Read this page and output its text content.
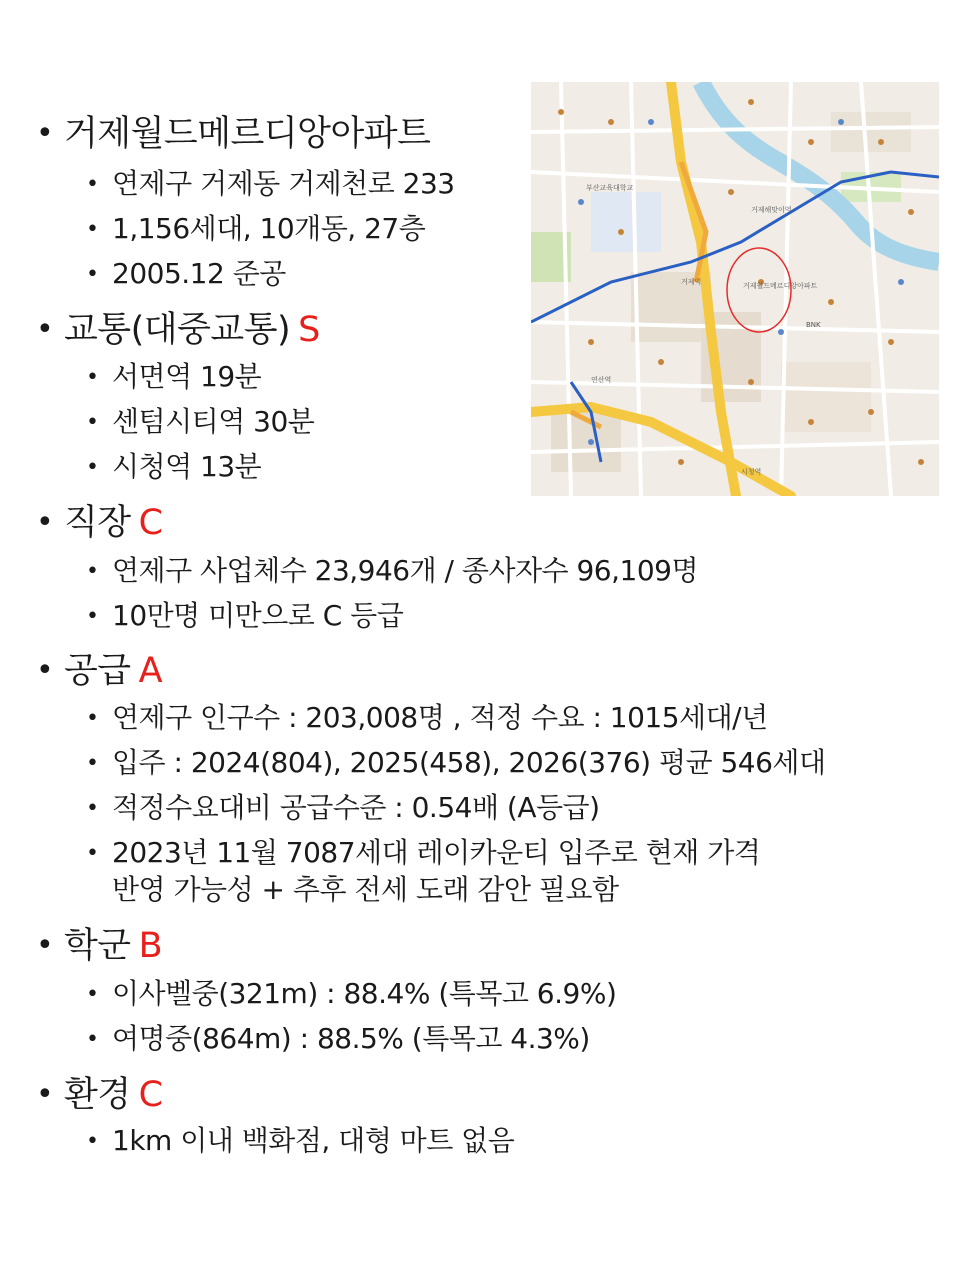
• 거제월드메르디앙아파트
• 연제구 거제동 거제천로 233
• 1,156세대, 10개동, 27층
• 2005.12 준공
• 교통(대중교통) S
• 서면역 19분
• 센텀시티역 30분
• 시청역 13분
• 직장 C
• 연제구 사업체수 23,946개 / 종사자수 96,109명
• 10만명 미만으로 C 등급
• 공급 A
• 연제구 인구수 : 203,008명 , 적정 수요 : 1015세대/년
• 입주 : 2024(804), 2025(458), 2026(376) 평균 546세대
• 적정수요대비 공급수준 : 0.54배 (A등급)
• 2023년 11월 7087세대 레이카운티 입주로 현재 가격
반영 가능성 + 추후 전세 도래 감안 필요함
• 학군 B
• 이사벨중(321m) : 88.4% (특목고 6.9%)
• 여명중(864m) : 88.5% (특목고 4.3%)
• 환경 C
• 1km 이내 백화점, 대형 마트 없음
거제월드메르디앙아파트
부산교육대학교
거제역
거제해맞이역
연산역
시청역
BNK
